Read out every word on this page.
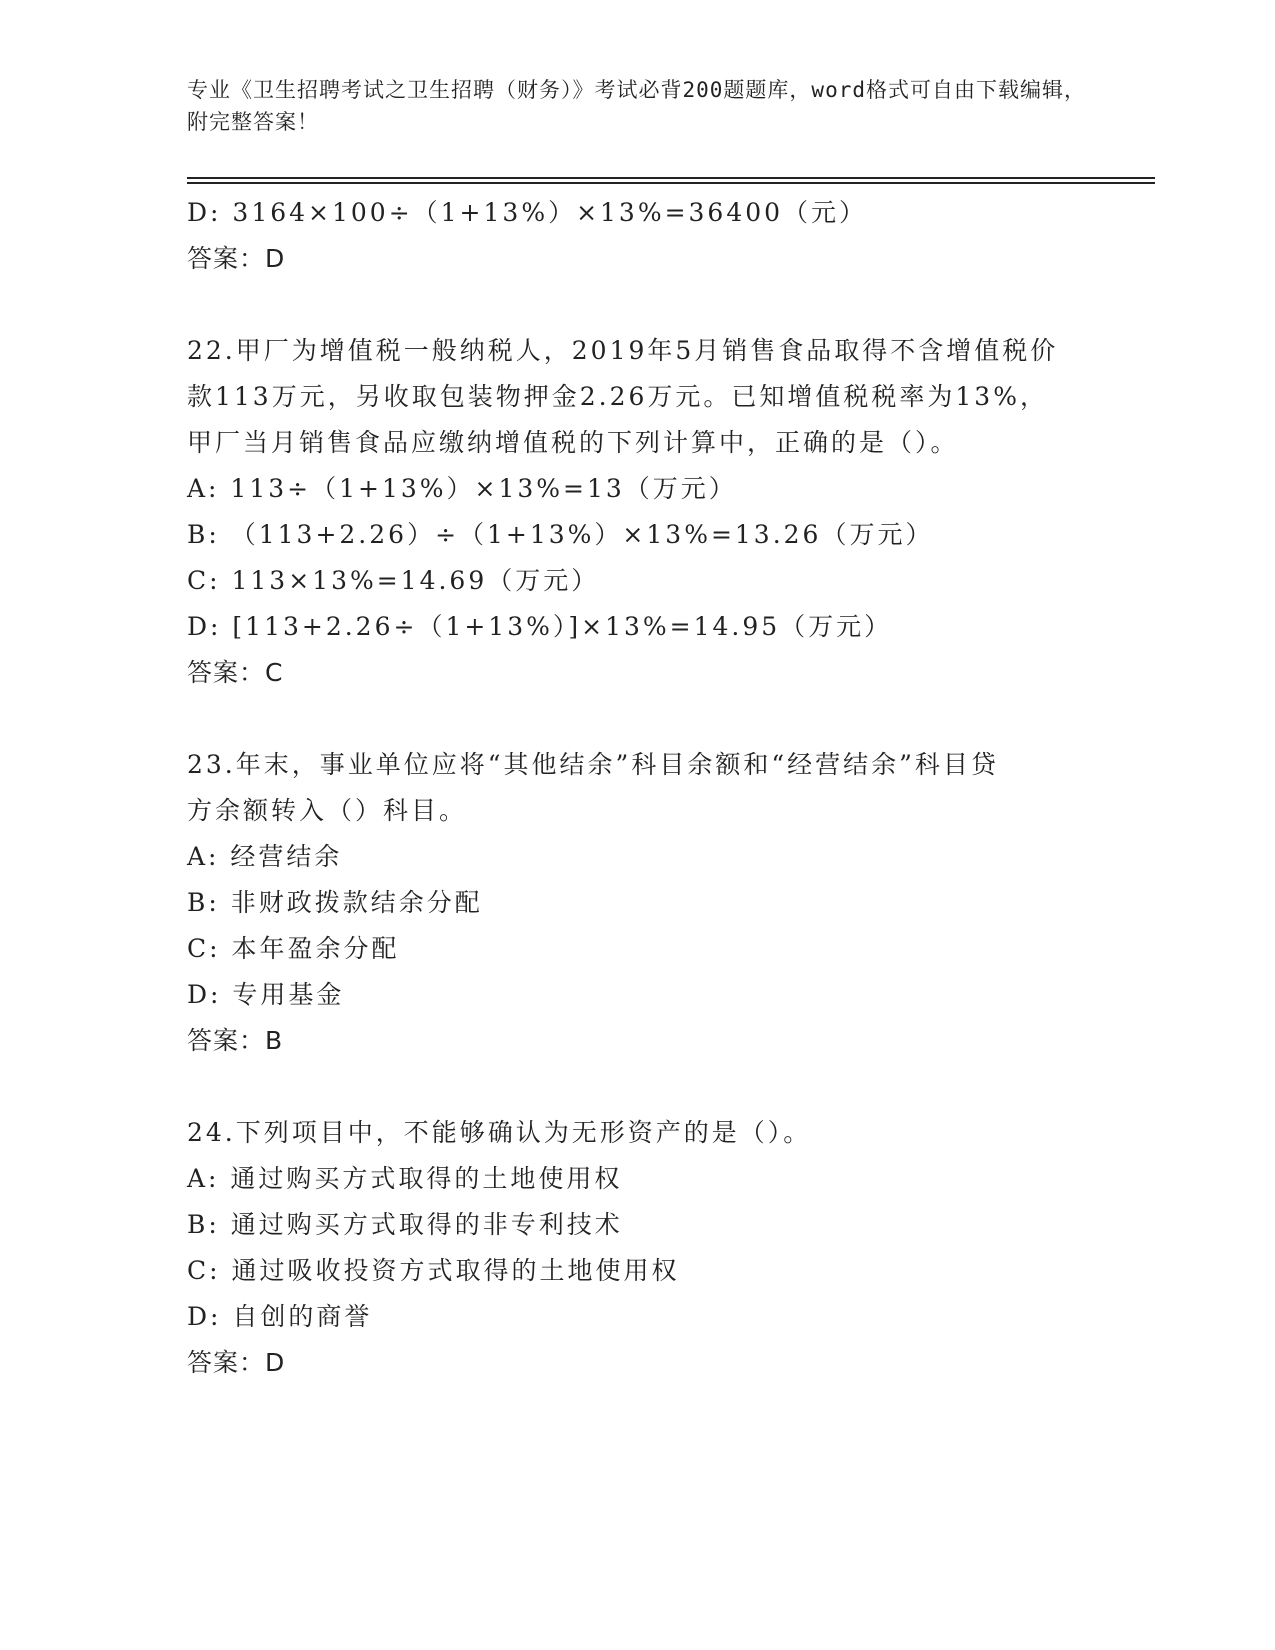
专业《卫生招聘考试之卫生招聘（财务）》考试必背200题题库，word格式可自由下载编辑，附完整答案！
D: 3164×100÷（1+13%）×13%=36400（元）
答案：D
22.甲厂为增值税一般纳税人，2019年5月销售食品取得不含增值税价
款113万元，另收取包装物押金2.26万元。已知增值税税率为13%，
甲厂当月销售食品应缴纳增值税的下列计算中，正确的是（）。
A: 113÷（1+13%）×13%=13（万元）
B: （113+2.26）÷（1+13%）×13%=13.26（万元）
C: 113×13%=14.69（万元）
D: [113+2.26÷（1+13%）]×13%=14.95（万元）
答案：C
23.年末，事业单位应将“其他结余”科目余额和“经营结余”科目贷
方余额转入（）科目。
A: 经营结余
B: 非财政拨款结余分配
C: 本年盈余分配
D: 专用基金
答案：B
24.下列项目中，不能够确认为无形资产的是（）。
A: 通过购买方式取得的土地使用权
B: 通过购买方式取得的非专利技术
C: 通过吸收投资方式取得的土地使用权
D: 自创的商誉
答案：D
